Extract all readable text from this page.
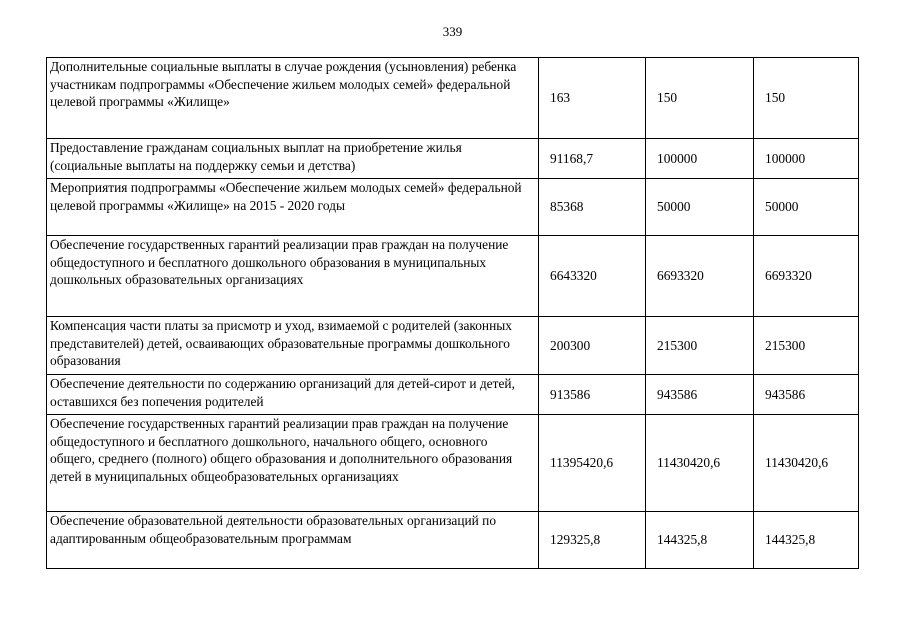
339
Дополнительные социальные выплаты в случае рождения (усыновления) ребенка участникам подпрограммы «Обеспечение жильем молодых семей» федеральной целевой программы «Жилище»	163	150	150
Предоставление гражданам социальных выплат на приобретение жилья (социальные выплаты на поддержку семьи и детства)	91168,7	100000	100000
Мероприятия подпрограммы «Обеспечение жильем молодых семей» федеральной целевой программы «Жилище» на 2015 - 2020 годы	85368	50000	50000
Обеспечение государственных гарантий реализации прав граждан на получение общедоступного и бесплатного дошкольного образования в муниципальных дошкольных образовательных организациях	6643320	6693320	6693320
Компенсация части платы за присмотр и уход, взимаемой с родителей (законных представителей) детей, осваивающих образовательные программы дошкольного образования	200300	215300	215300
Обеспечение деятельности по содержанию организаций для детей-сирот и детей, оставшихся без попечения родителей	913586	943586	943586
Обеспечение государственных гарантий реализации прав граждан на получение общедоступного и бесплатного дошкольного, начального общего, основного общего, среднего (полного) общего образования и дополнительного образования детей в муниципальных общеобразовательных организациях	11395420,6	11430420,6	11430420,6
Обеспечение образовательной деятельности образовательных организаций по адаптированным общеобразовательным программам	129325,8	144325,8	144325,8
